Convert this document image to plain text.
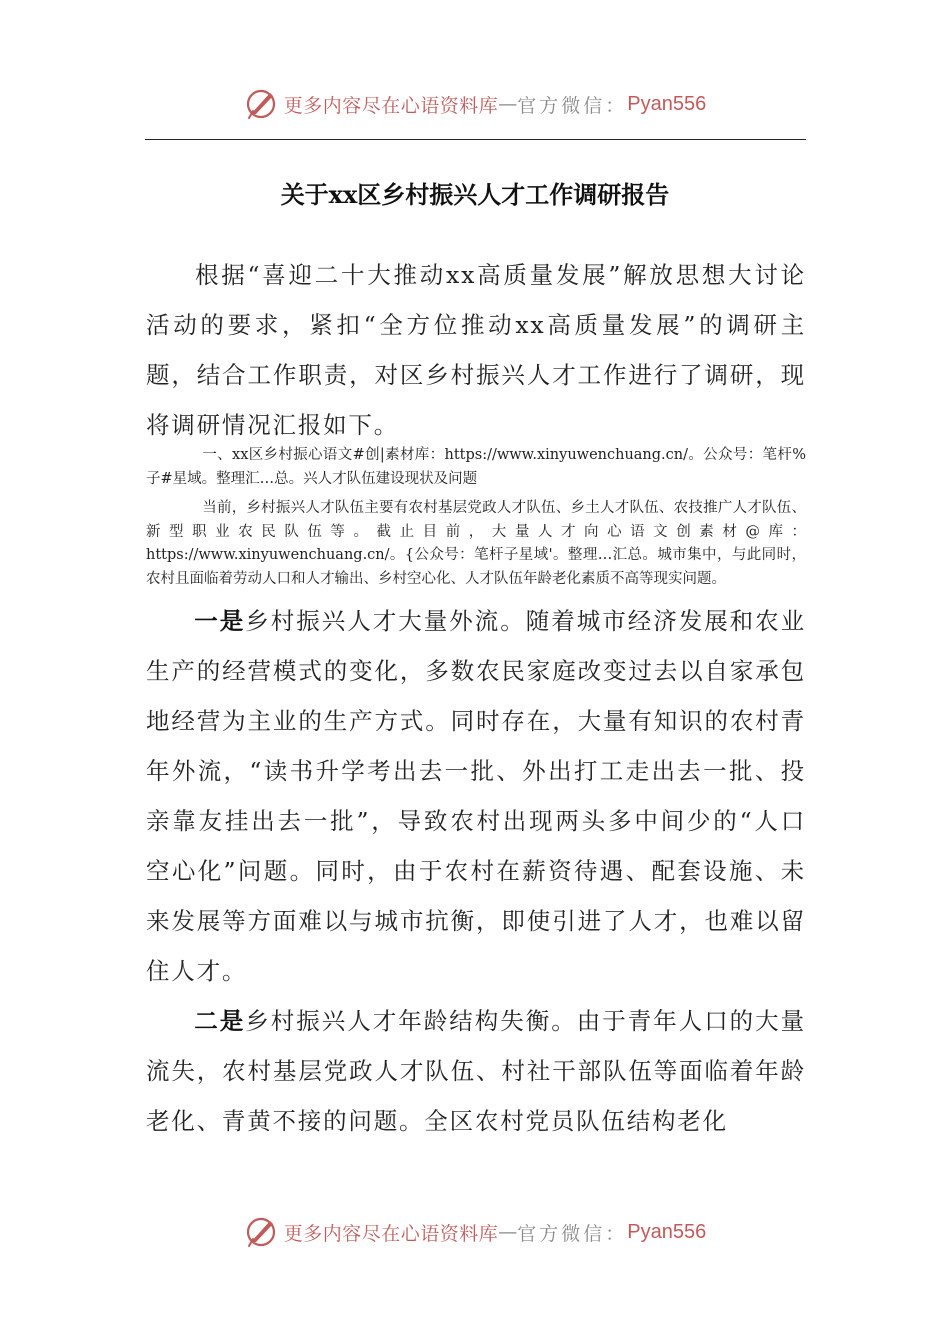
更多内容尽在心语资料库 — 官方微信： Pyan556
关于xx区乡村振兴人才工作调研报告

根据“喜迎二十大推动xx高质量发展”解放思想大讨论活动的要求，紧扣“全方位推动xx高质量发展”的调研主题，结合工作职责，对区乡村振兴人才工作进行了调研，现将调研情况汇报如下。

一、xx区乡村振心语文#创|素材库：https://www.xinyuwenchuang.cn/。公众号：笔杆%子#星域。整理汇…总。兴人才队伍建设现状及问题

当前，乡村振兴人才队伍主要有农村基层党政人才队伍、乡土人才队伍、农技推广人才队伍、新型职业农民队伍等。截止目前，大量人才向心语文创素材@库：https://www.xinyuwenchuang.cn/。{公众号：笔杆子星域'。整理…汇总。城市集中，与此同时，农村且面临着劳动人口和人才输出、乡村空心化、人才队伍年龄老化素质不高等现实问题。

一是乡村振兴人才大量外流。随着城市经济发展和农业生产的经营模式的变化，多数农民家庭改变过去以自家承包地经营为主业的生产方式。同时存在，大量有知识的农村青年外流，“读书升学考出去一批、外出打工走出去一批、投亲靠友挂出去一批”，导致农村出现两头多中间少的“人口空心化”问题。同时，由于农村在薪资待遇、配套设施、未来发展等方面难以与城市抗衡，即使引进了人才，也难以留住人才。

二是乡村振兴人才年龄结构失衡。由于青年人口的大量流失，农村基层党政人才队伍、村社干部队伍等面临着年龄老化、青黄不接的问题。全区农村党员队伍结构老化

更多内容尽在心语资料库 — 官方微信： Pyan556
